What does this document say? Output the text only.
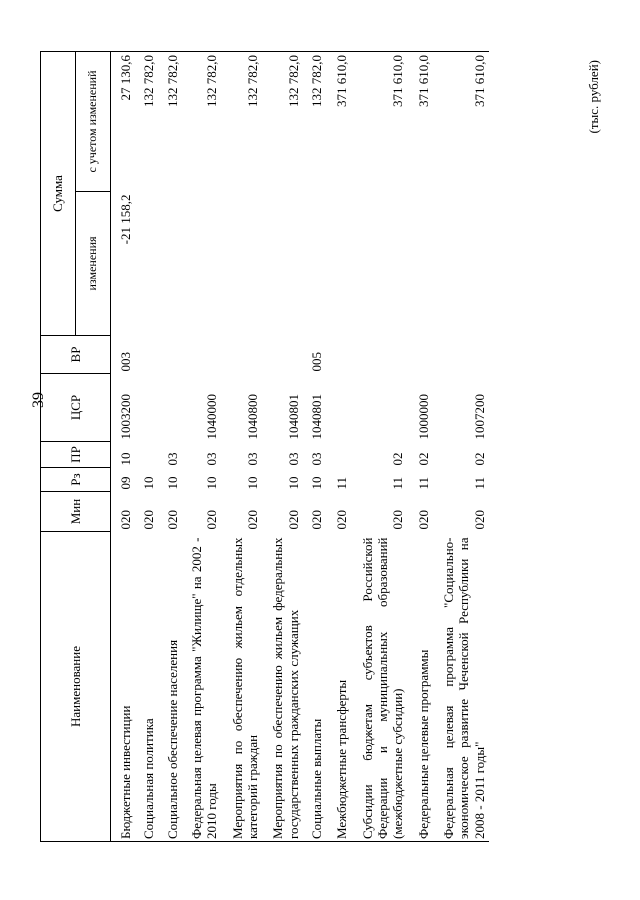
39
(тыс. рублей)
Наименование	Мин	Рз	ПР	ЦСР	ВР	Сумма	
						изменения	с учетом изменений
Бюджетные инвестиции	020	09	10	1003200	003	-21 158,2	27 130,6
Социальная политика	020	10					132 782,0
Социальное обеспечение населения	020	10	03				132 782,0
Федеральная целевая программа "Жилище" на 2002 - 2010 годы	020	10	03	1040000			132 782,0
Мероприятия по обеспечению жильем отдельных категорий граждан	020	10	03	1040800			132 782,0
Мероприятия по обеспечению жильем федеральных государственных гражданских служащих	020	10	03	1040801			132 782,0
Социальные выплаты	020	10	03	1040801	005		132 782,0
Межбюджетные трансферты	020	11					371 610,0
Субсидии бюджетам субъектов Российской Федерации и муниципальных образований (межбюджетные субсидии)	020	11	02				371 610,0
Федеральные целевые программы	020	11	02	1000000			371 610,0
Федеральная целевая программа "Социально-экономическое развитие Чеченской Республики на 2008 - 2011 годы"	020	11	02	1007200			371 610,0
